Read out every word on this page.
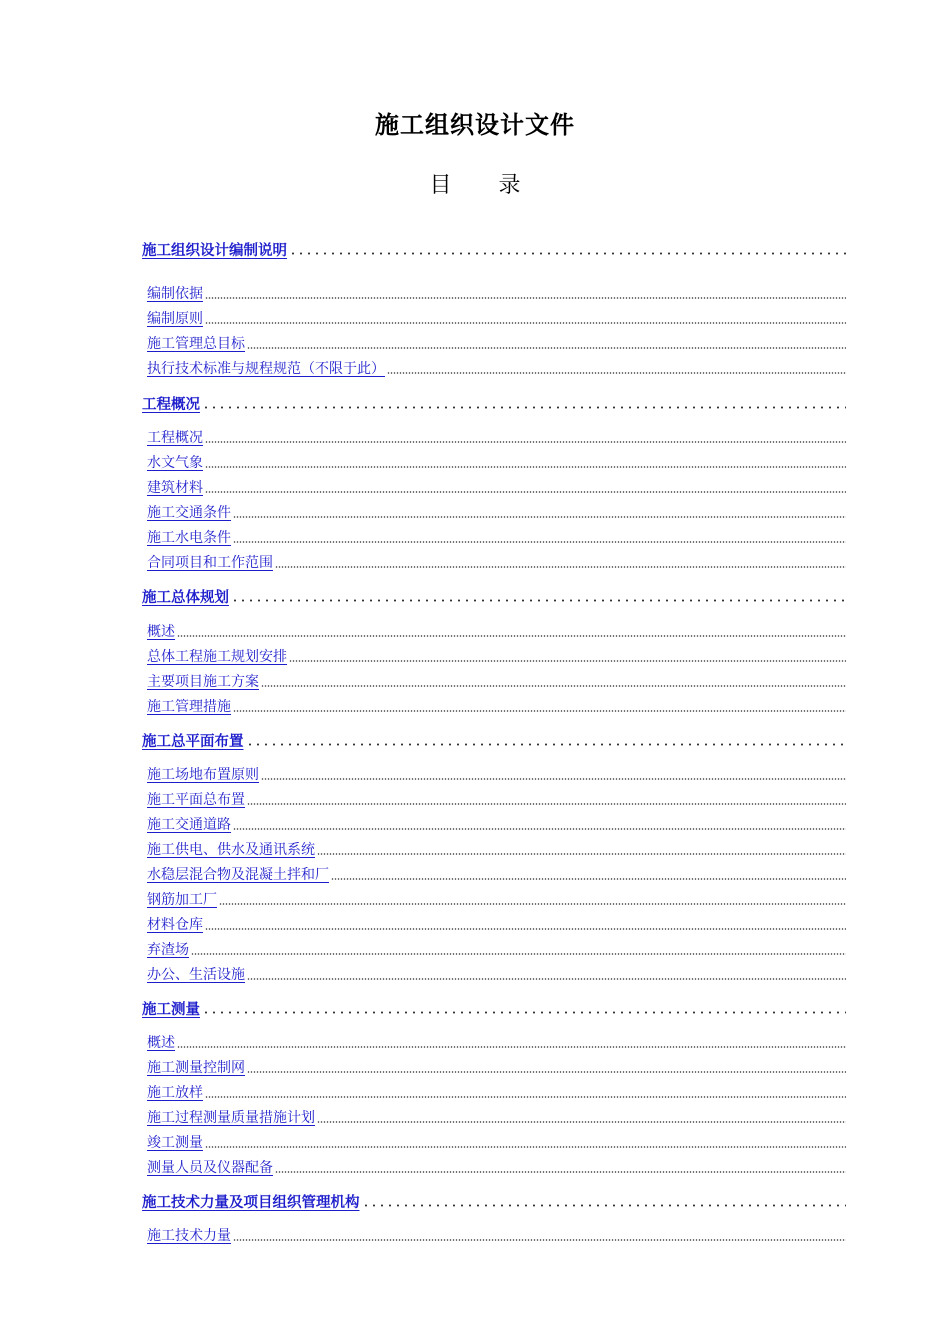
施工组织设计文件
目 录
施工组织设计编制说明
编制依据
编制原则
施工管理总目标
执行技术标准与规程规范（不限于此）
工程概况
工程概况
水文气象
建筑材料
施工交通条件
施工水电条件
合同项目和工作范围
施工总体规划
概述
总体工程施工规划安排
主要项目施工方案
施工管理措施
施工总平面布置
施工场地布置原则
施工平面总布置
施工交通道路
施工供电、供水及通讯系统
水稳层混合物及混凝土拌和厂
钢筋加工厂
材料仓库
弃渣场
办公、生活设施
施工测量
概述
施工测量控制网
施工放样
施工过程测量质量措施计划
竣工测量
测量人员及仪器配备
施工技术力量及项目组织管理机构
施工技术力量
